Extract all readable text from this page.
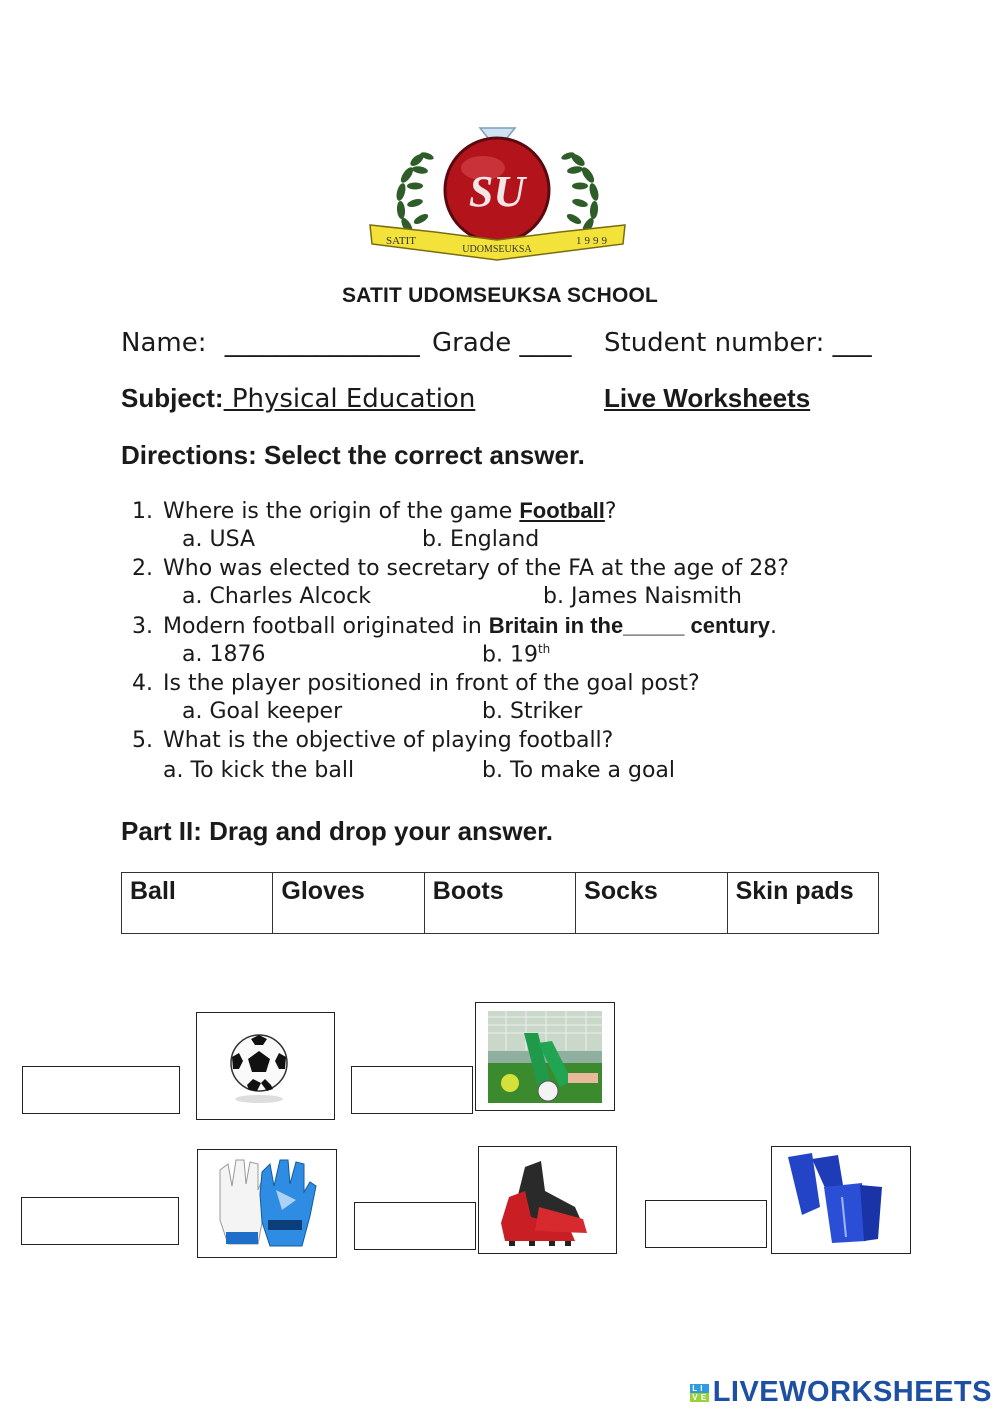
SU
SATIT
UDOMSEUKSA
1999
SATIT UDOMSEUKSA SCHOOL
Name: _______________ Grade ____ Student number: ___
Subject: Physical Education	Live Worksheets
Directions: Select the correct answer.
1. Where is the origin of the game Football?
a. USA	b. England
2. Who was elected to secretary of the FA at the age of 28?
a. Charles Alcock	b. James Naismith
3. Modern football originated in Britain in the_____ century.
a. 1876	b. 19th
4. Is the player positioned in front of the goal post?
a. Goal keeper	b. Striker
5. What is the objective of playing football?
a. To kick the ball	b. To make a goal
Part II: Drag and drop your answer.
Ball	Gloves	Boots	Socks	Skin pads
L I
V E LIVEWORKSHEETS
